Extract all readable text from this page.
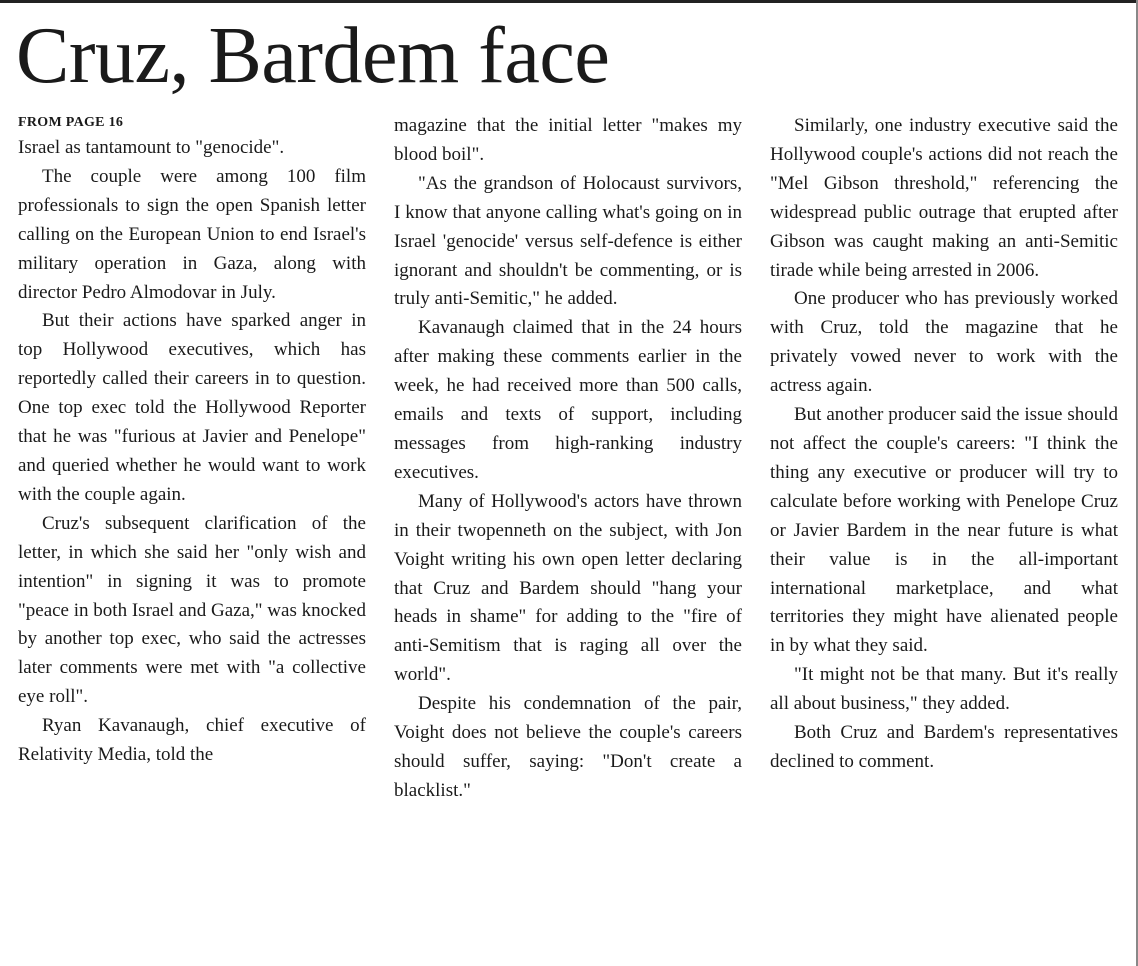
Cruz, Bardem face
FROM PAGE 16

Israel as tantamount to "genocide".

The couple were among 100 film professionals to sign the open Spanish letter calling on the European Union to end Israel's military operation in Gaza, along with director Pedro Almodovar in July.

But their actions have sparked anger in top Hollywood executives, which has reportedly called their careers in to question. One top exec told the Hollywood Reporter that he was "furious at Javier and Penelope" and queried whether he would want to work with the couple again.

Cruz's subsequent clarification of the letter, in which she said her "only wish and intention" in signing it was to promote "peace in both Israel and Gaza," was knocked by another top exec, who said the actresses later comments were met with "a collective eye roll".

Ryan Kavanaugh, chief executive of Relativity Media, told the

magazine that the initial letter "makes my blood boil".

"As the grandson of Holocaust survivors, I know that anyone calling what's going on in Israel 'genocide' versus self-defence is either ignorant and shouldn't be commenting, or is truly anti-Semitic," he added.

Kavanaugh claimed that in the 24 hours after making these comments earlier in the week, he had received more than 500 calls, emails and texts of support, including messages from high-ranking industry executives.

Many of Hollywood's actors have thrown in their twopenneth on the subject, with Jon Voight writing his own open letter declaring that Cruz and Bardem should "hang your heads in shame" for adding to the "fire of anti-Semitism that is raging all over the world".

Despite his condemnation of the pair, Voight does not believe the couple's careers should suffer, saying: "Don't create a blacklist."

Similarly, one industry executive said the Hollywood couple's actions did not reach the "Mel Gibson threshold," referencing the widespread public outrage that erupted after Gibson was caught making an anti-Semitic tirade while being arrested in 2006.

One producer who has previously worked with Cruz, told the magazine that he privately vowed never to work with the actress again.

But another producer said the issue should not affect the couple's careers: "I think the thing any executive or producer will try to calculate before working with Penelope Cruz or Javier Bardem in the near future is what their value is in the all-important international marketplace, and what territories they might have alienated people in by what they said.

"It might not be that many. But it's really all about business," they added.

Both Cruz and Bardem's representatives declined to comment.
